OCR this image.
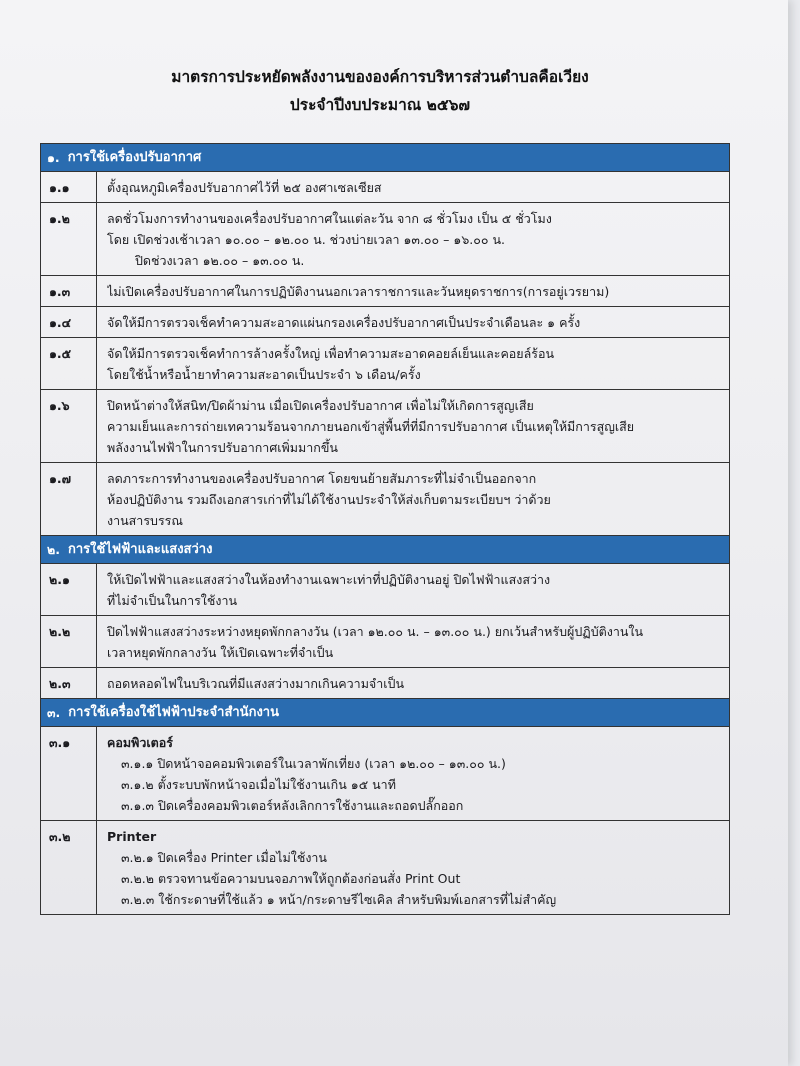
มาตรการประหยัดพลังงานขององค์การบริหารส่วนตำบลคือเวียง
ประจำปีงบประมาณ ๒๕๖๗
๑. การใช้เครื่องปรับอากาศ
๑.๑	ตั้งอุณหภูมิเครื่องปรับอากาศไว้ที่ ๒๕ องศาเซลเซียส
๑.๒	ลดชั่วโมงการทำงานของเครื่องปรับอากาศในแต่ละวัน จาก ๘ ชั่วโมง เป็น ๕ ชั่วโมง
โดย เปิดช่วงเช้าเวลา ๑๐.๐๐ – ๑๒.๐๐ น. ช่วงบ่ายเวลา ๑๓.๐๐ – ๑๖.๐๐ น.
ปิดช่วงเวลา ๑๒.๐๐ – ๑๓.๐๐ น.
๑.๓	ไม่เปิดเครื่องปรับอากาศในการปฏิบัติงานนอกเวลาราชการและวันหยุดราชการ(การอยู่เวรยาม)
๑.๔	จัดให้มีการตรวจเช็คทำความสะอาดแผ่นกรองเครื่องปรับอากาศเป็นประจำเดือนละ ๑ ครั้ง
๑.๕	จัดให้มีการตรวจเช็คทำการล้างครั้งใหญ่ เพื่อทำความสะอาดคอยล์เย็นและคอยล์ร้อน
โดยใช้น้ำหรือน้ำยาทำความสะอาดเป็นประจำ ๖ เดือน/ครั้ง
๑.๖	ปิดหน้าต่างให้สนิท/ปิดผ้าม่าน เมื่อเปิดเครื่องปรับอากาศ เพื่อไม่ให้เกิดการสูญเสีย
ความเย็นและการถ่ายเทความร้อนจากภายนอกเข้าสู่พื้นที่ที่มีการปรับอากาศ เป็นเหตุให้มีการสูญเสีย
พลังงานไฟฟ้าในการปรับอากาศเพิ่มมากขึ้น
๑.๗	ลดภาระการทำงานของเครื่องปรับอากาศ โดยขนย้ายสัมภาระที่ไม่จำเป็นออกจาก
ห้องปฏิบัติงาน รวมถึงเอกสารเก่าที่ไม่ได้ใช้งานประจำให้ส่งเก็บตามระเบียบฯ ว่าด้วย
งานสารบรรณ
๒. การใช้ไฟฟ้าและแสงสว่าง
๒.๑	ให้เปิดไฟฟ้าและแสงสว่างในห้องทำงานเฉพาะเท่าที่ปฏิบัติงานอยู่ ปิดไฟฟ้าแสงสว่าง
ที่ไม่จำเป็นในการใช้งาน
๒.๒	ปิดไฟฟ้าแสงสว่างระหว่างหยุดพักกลางวัน (เวลา ๑๒.๐๐ น. – ๑๓.๐๐ น.) ยกเว้นสำหรับผู้ปฏิบัติงานใน
เวลาหยุดพักกลางวัน ให้เปิดเฉพาะที่จำเป็น
๒.๓	ถอดหลอดไฟในบริเวณที่มีแสงสว่างมากเกินความจำเป็น
๓. การใช้เครื่องใช้ไฟฟ้าประจำสำนักงาน
๓.๑	คอมพิวเตอร์
๓.๑.๑ ปิดหน้าจอคอมพิวเตอร์ในเวลาพักเที่ยง (เวลา ๑๒.๐๐ – ๑๓.๐๐ น.)
๓.๑.๒ ตั้งระบบพักหน้าจอเมื่อไม่ใช้งานเกิน ๑๕ นาที
๓.๑.๓ ปิดเครื่องคอมพิวเตอร์หลังเลิกการใช้งานและถอดปลั๊กออก
๓.๒	Printer
๓.๒.๑ ปิดเครื่อง Printer เมื่อไม่ใช้งาน
๓.๒.๒ ตรวจทานข้อความบนจอภาพให้ถูกต้องก่อนสั่ง Print Out
๓.๒.๓ ใช้กระดาษที่ใช้แล้ว ๑ หน้า/กระดาษรีไซเคิล สำหรับพิมพ์เอกสารที่ไม่สำคัญ
